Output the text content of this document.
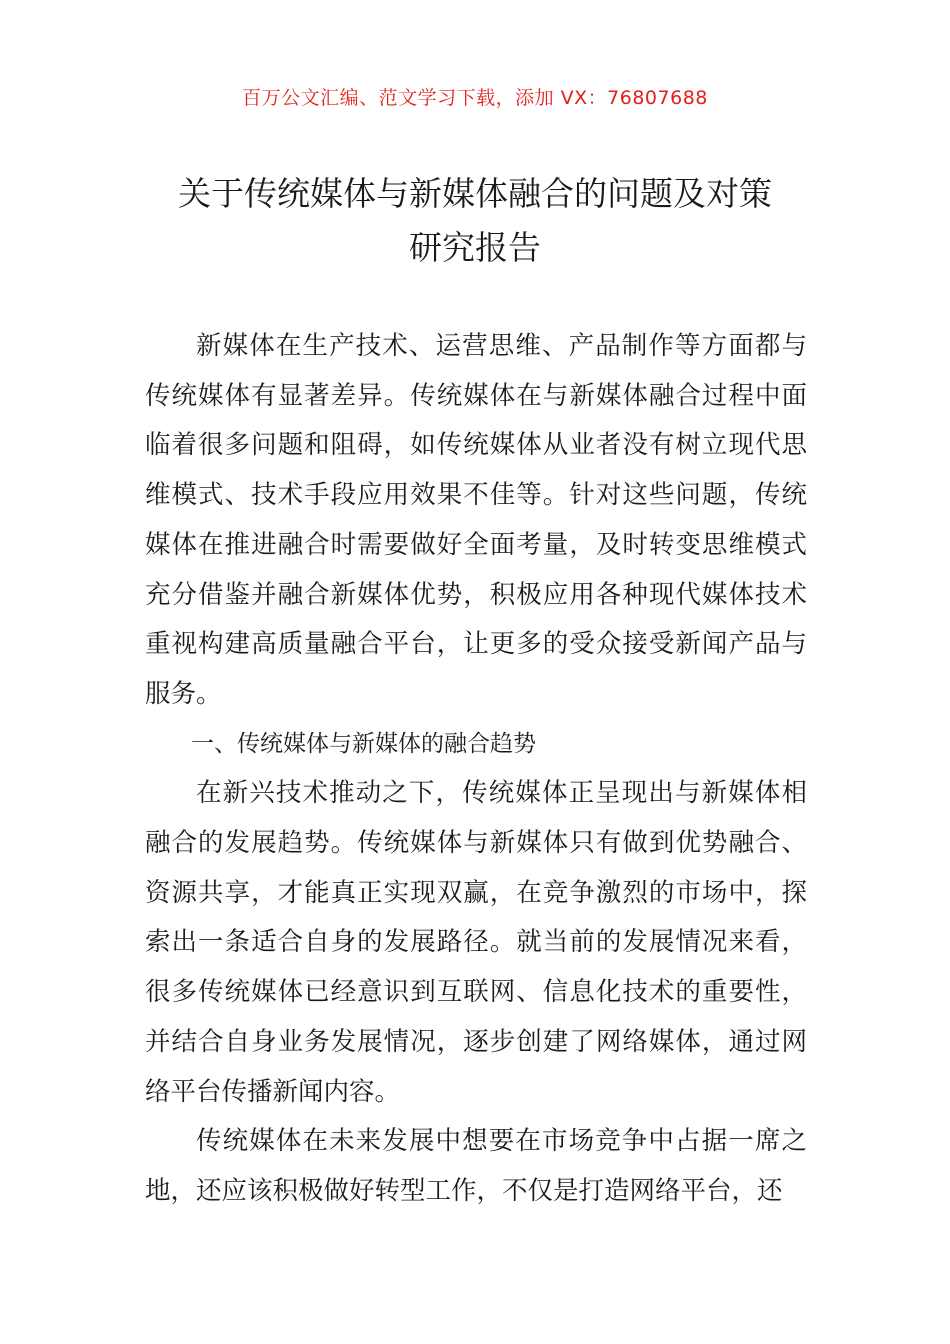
百万公文汇编、范文学习下载，添加 VX：76807688
关于传统媒体与新媒体融合的问题及对策
研究报告

新媒体在生产技术、运营思维、产品制作等方面都与传统媒体有显著差异。传统媒体在与新媒体融合过程中面临着很多问题和阻碍，如传统媒体从业者没有树立现代思维模式、技术手段应用效果不佳等。针对这些问题，传统媒体在推进融合时需要做好全面考量，及时转变思维模式充分借鉴并融合新媒体优势，积极应用各种现代媒体技术重视构建高质量融合平台，让更多的受众接受新闻产品与服务。

一、传统媒体与新媒体的融合趋势

在新兴技术推动之下，传统媒体正呈现出与新媒体相融合的发展趋势。传统媒体与新媒体只有做到优势融合、资源共享，才能真正实现双赢，在竞争激烈的市场中，探索出一条适合自身的发展路径。就当前的发展情况来看，很多传统媒体已经意识到互联网、信息化技术的重要性，并结合自身业务发展情况，逐步创建了网络媒体，通过网络平台传播新闻内容。

传统媒体在未来发展中想要在市场竞争中占据一席之地，还应该积极做好转型工作，不仅是打造网络平台，还
